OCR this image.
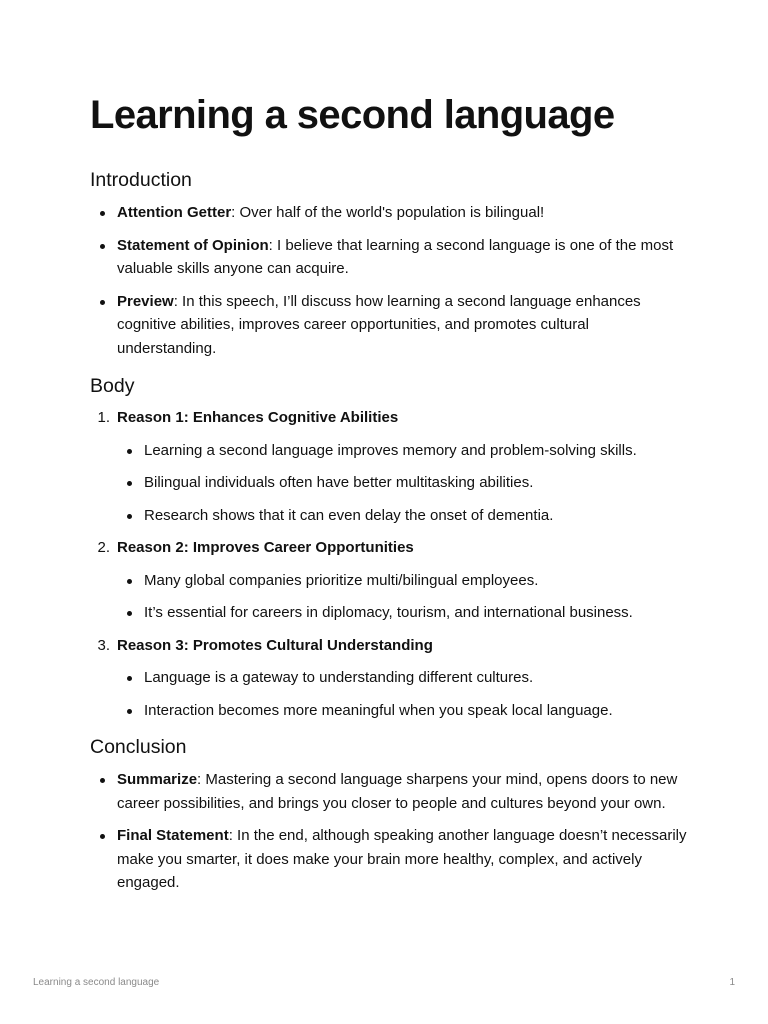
Learning a second language
Introduction
Attention Getter: Over half of the world's population is bilingual!
Statement of Opinion: I believe that learning a second language is one of the most valuable skills anyone can acquire.
Preview: In this speech, I’ll discuss how learning a second language enhances cognitive abilities, improves career opportunities, and promotes cultural understanding.
Body
1. Reason 1: Enhances Cognitive Abilities
Learning a second language improves memory and problem-solving skills.
Bilingual individuals often have better multitasking abilities.
Research shows that it can even delay the onset of dementia.
2. Reason 2: Improves Career Opportunities
Many global companies prioritize multi/bilingual employees.
It’s essential for careers in diplomacy, tourism, and international business.
3. Reason 3: Promotes Cultural Understanding
Language is a gateway to understanding different cultures.
Interaction becomes more meaningful when you speak local language.
Conclusion
Summarize: Mastering a second language sharpens your mind, opens doors to new career possibilities, and brings you closer to people and cultures beyond your own.
Final Statement: In the end, although speaking another language doesn’t necessarily make you smarter, it does make your brain more healthy, complex, and actively engaged.
Learning a second language	1
